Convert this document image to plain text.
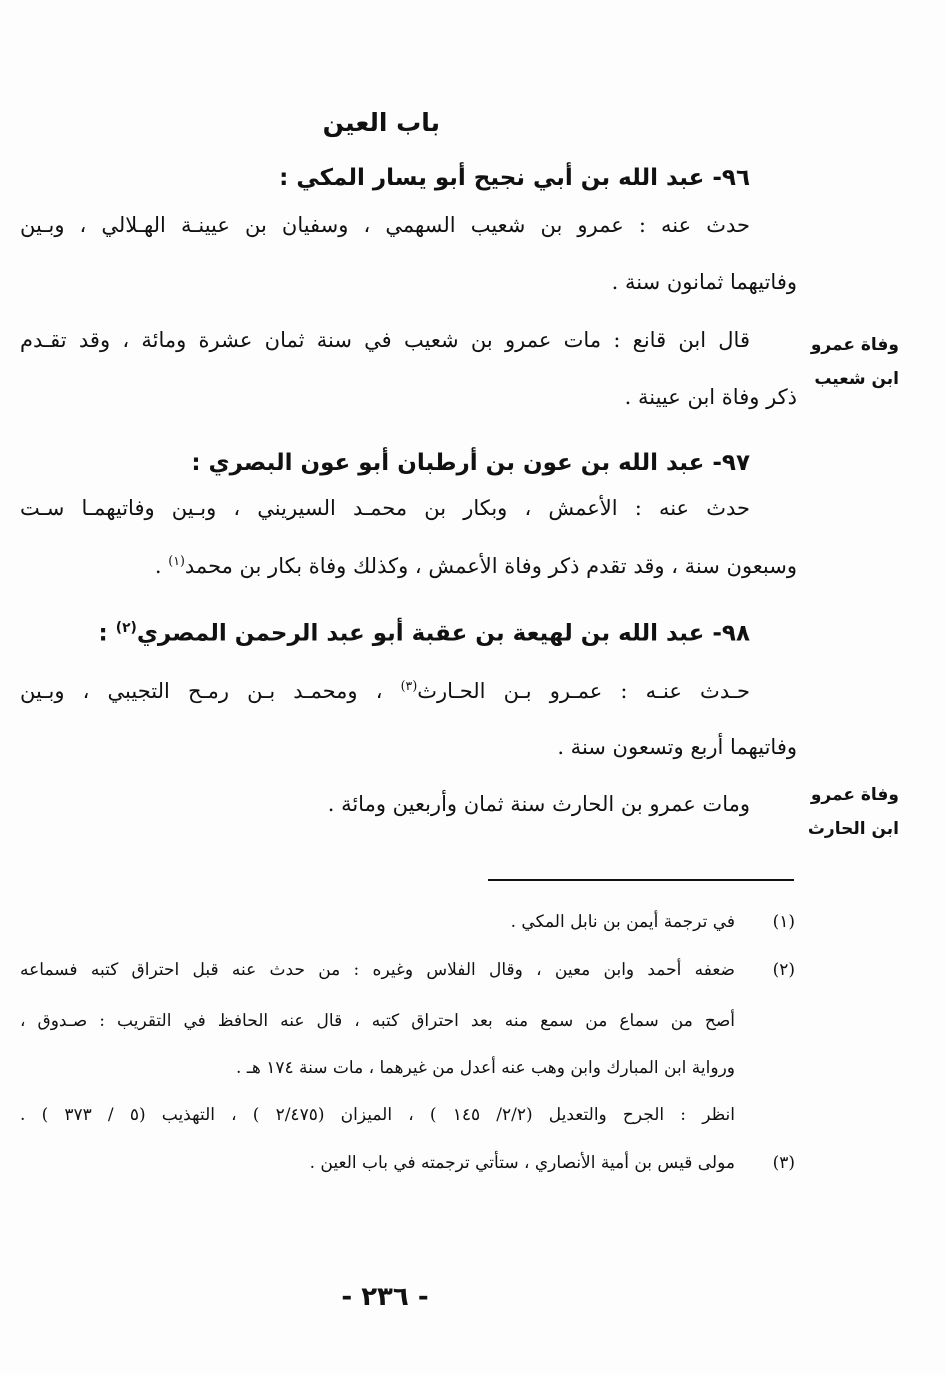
باب العين
٩٦- عبد الله بن أبي نجيح أبو يسار المكي :
حدث عنه : عمرو بن شعيب السهمي ، وسفيان بن عيينـة الهـلالي ، وبـين
وفاتيهما ثمانون سنة .
قال ابن قانع : مات عمرو بن شعيب في سنة ثمان عشرة ومائة ، وقد تقـدم
ذكر وفاة ابن عيينة .
وفاة عمرو ابن شعيب
٩٧- عبد الله بن عون بن أرطبان أبو عون البصري :
حدث عنه : الأعمش ، وبكار بن محمـد السيريني ، وبـين وفاتيهمـا سـت
وسبعون سنة ، وقد تقدم ذكر وفاة الأعمش ، وكذلك وفاة بكار بن محمد$^{(١)}$ .
٩٨- عبد الله بن لهيعة بن عقبة أبو عبد الرحمن المصري$^{(٢)}$ :
حـدث عنـه : عمـرو بـن الحـارث$^{(٣)}$ ، ومحمـد بـن رمـح التجيبي ، وبـين
وفاتيهما أربع وتسعون سنة .
ومات عمرو بن الحارث سنة ثمان وأربعين ومائة .	وفاة عمرو ابن الحارث
(١)
في ترجمة أيمن بن نابل المكي .
(٢)
ضعفه أحمد وابن معين ، وقال الفلاس وغيره : من حدث عنه قبل احتراق كتبه فسماعه
أصح من سماع من سمع منه بعد احتراق كتبه ، قال عنه الحافظ في التقريب : صـدوق ،
ورواية ابن المبارك وابن وهب عنه أعدل من غيرهما ، مات سنة ١٧٤ هـ .
انظر : الجرح والتعديل (٢/٢/ ١٤٥ ) ، الميزان (٢/٤٧٥ ) ، التهذيب (٥ / ٣٧٣ ) .
(٣)
مولى قيس بن أمية الأنصاري ، ستأتي ترجمته في باب العين .
- ٢٣٦ -
